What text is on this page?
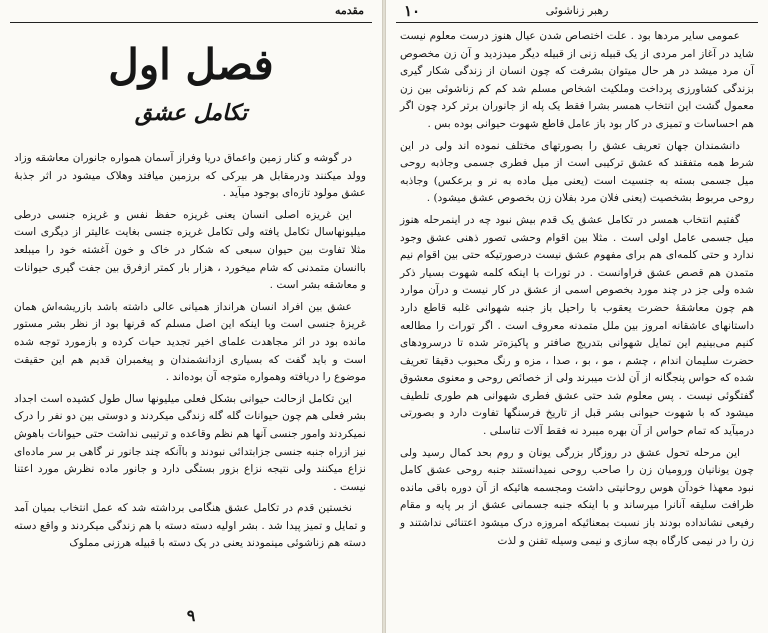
مقدمه
فصل اول
تکامل عشق

در گوشه و کنار زمین واعماق دریا وفراز آسمان همواره جانوران معاشقه وزاد وولد میکنند ودرمقابل هر بیرکی که برزمین میافتد وهلاک میشود در اثر جذبهٔ عشق مولود تازه‌ای بوجود میآید .

این غریزه اصلی انسان یعنی غریزه حفظ نفس و غریزه جنسی درطی میلیونهاسال تکامل یافته ولی تکامل غریزه جنسی بغایت عالیتر از دیگری است مثلا تفاوت بین حیوان سبعی که شکار در خاک و خون آغشته خود را میبلعد باانسان متمدنی که شام میخورد ، هزار بار کمتر ازفرق بین جفت گیری حیوانات و معاشقه بشر است .

عشق بین افراد انسان هرانداز همیانی عالی داشته باشد بازریشه‌اش همان غریزهٔ جنسی است وبا اینکه این اصل مسلم که قرنها بود از نظر بشر مستور مانده بود در اثر مجاهدت علمای اخیر تجدید حیات کرده و بازمورد توجه شده است و باید گفت که بسیاری ازدانشمندان و پیغمبران قدیم هم این حقیقت موضوع را دریافته وهمواره متوجه آن بوده‌اند .

این تکامل ازحالت حیوانی بشکل فعلی میلیونها سال طول کشیده است اجداد بشر فعلی هم چون حیوانات گله گله زندگی میکردند و دوستی بین دو نفر را درک نمیکردند وامور جنسی آنها هم نظم وقاعده و ترتیبی نداشت حتی حیوانات باهوش نیز ازراه جنبه جنسی جزابتدائی نبودند و باآنکه چند جانور نر گاهی بر سر ماده‌ای نزاع میکنند ولی نتیجه نزاع بزور بستگی دارد و جانور ماده نظرش مورد اعتنا نیست .

نخستین قدم در تکامل عشق هنگامی برداشته شد که عمل انتخاب بمیان آمد و تمایل و تمیز پیدا شد . بشر اولیه دسته دسته با هم زندگی میکردند و واقع دسته دسته هم زناشوئی مینمودند یعنی در یک دسته با قبیله هرزنی مملوک

۹
۱۰	رهبر زناشوئی

عمومی سایر مردها بود . علت اختصاص شدن عیال هنوز درست معلوم نیست شاید در آغاز امر مردی از یک قبیله زنی از قبیله دیگر میدزدید و آن زن مخصوص آن مرد میشد در هر حال میتوان بشرفت که چون انسان از زندگی شکار گیری بزندگی کشاورزی پرداخت وملکیت اشخاص مسلم شد کم کم زناشوئی بین زن معمول گشت این انتخاب همسر بشرا فقط یک پله از جانوران برتر کرد چون اگر هم احساسات و تمیزی در کار بود باز عامل قاطع شهوت حیوانی بوده بس .

دانشمندان جهان تعریف عشق را بصورتهای مختلف نموده اند ولی در این شرط همه متفقند که عشق ترکیبی است از میل فطری جسمی وجاذبه روحی میل جسمی بسته به جنسیت است (یعنی میل ماده به نر و برعکس) وجاذبه روحی مربوط بشخصیت (یعنی فلان مرد بفلان زن بخصوص عشق میشود) .

گفتیم انتخاب همسر در تکامل عشق یک قدم بیش نبود چه در اینمرحله هنوز میل جسمی عامل اولی است . مثلا بین اقوام وحشی تصور ذهنی عشق وجود ندارد و حتی کلمه‌ای هم برای مفهوم عشق نیست درصورتیکه حتی بین اقوام نیم متمدن هم قصص عشق فراوانست . در تورات با اینکه کلمه شهوت بسیار ذکر شده ولی جز در چند مورد بخصوص اسمی از عشق در کار نیست و درآن موارد هم چون معاشقهٔ حضرت یعقوب با راحیل باز جنبه شهوانی غلبه قاطع دارد داستانهای عاشقانه امروز بین ملل متمدنه معروف است . اگر تورات را مطالعه کنیم می‌بینیم این تمایل شهوانی بتدریج صافتر و پاکیزه‌تر شده تا درسرودهای حضرت سلیمان اندام ، چشم ، مو ، بو ، صدا ، مزه و رنگ محبوب دقیقا تعریف شده که حواس پنجگانه از آن لذت میبرند ولی از خصائص روحی و معنوی معشوق گفتگوئی نیست . پس معلوم شد حتی عشق فطری شهوانی هم طوری تلطیف میشود که با شهوت حیوانی بشر قبل از تاریخ فرسنگها تفاوت دارد و بصورتی درمیآید که تمام حواس از آن بهره میبرد نه فقط آلات تناسلی .

این مرحله تحول عشق در روزگار بزرگی یونان و روم بحد کمال رسید ولی چون یونانیان ورومیان زن را صاحب روحی نمیدانستند جنبه روحی عشق کامل نبود معهذا خودآن هوس روحانیتی داشت ومجسمه هائیکه از آن دوره باقی مانده ظرافت سلیقه آنانرا میرساند و با اینکه جنبه جسمانی عشق از بر پایه و مقام رفیعی نشانداده بودند باز نسبت بمعنائیکه امروزه درک میشود اعتنائی نداشتند و زن را در نیمی کارگاه بچه سازی و نیمی وسیله تفنن و لذت
